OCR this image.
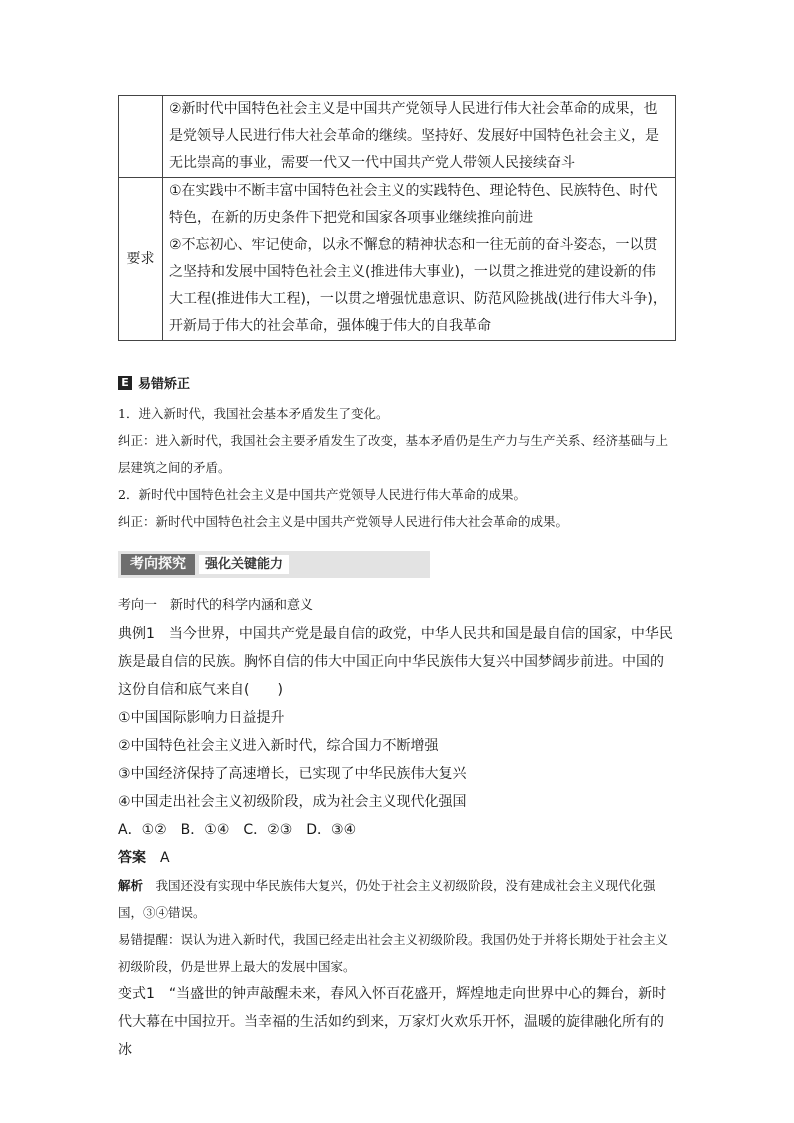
	②新时代中国特色社会主义是中国共产党领导人民进行伟大社会革命的成果，也是党领导人民进行伟大社会革命的继续。坚持好、发展好中国特色社会主义，是无比崇高的事业，需要一代又一代中国共产党人带领人民接续奋斗

要求	①在实践中不断丰富中国特色社会主义的实践特色、理论特色、民族特色、时代特色，在新的历史条件下把党和国家各项事业继续推向前进

②不忘初心、牢记使命，以永不懈怠的精神状态和一往无前的奋斗姿态，一以贯之坚持和发展中国特色社会主义(推进伟大事业)，一以贯之推进党的建设新的伟大工程(推进伟大工程)，一以贯之增强忧患意识、防范风险挑战(进行伟大斗争)，开新局于伟大的社会革命，强体魄于伟大的自我革命

E 易错矫正

1．进入新时代，我国社会基本矛盾发生了变化。

纠正：进入新时代，我国社会主要矛盾发生了改变，基本矛盾仍是生产力与生产关系、经济基础与上层建筑之间的矛盾。

2．新时代中国特色社会主义是中国共产党领导人民进行伟大革命的成果。

纠正：新时代中国特色社会主义是中国共产党领导人民进行伟大社会革命的成果。

考向探究	强化关键能力

考向一　新时代的科学内涵和意义

典例1　当今世界，中国共产党是最自信的政党，中华人民共和国是最自信的国家，中华民族是最自信的民族。胸怀自信的伟大中国正向中华民族伟大复兴中国梦阔步前进。中国的这份自信和底气来自(　　)

①中国国际影响力日益提升

②中国特色社会主义进入新时代，综合国力不断增强

③中国经济保持了高速增长，已实现了中华民族伟大复兴

④中国走出社会主义初级阶段，成为社会主义现代化强国

A．①②　B．①④　C．②③　D．③④

答案　A

解析　我国还没有实现中华民族伟大复兴，仍处于社会主义初级阶段，没有建成社会主义现代化强国，③④错误。

易错提醒：误认为进入新时代，我国已经走出社会主义初级阶段。我国仍处于并将长期处于社会主义初级阶段，仍是世界上最大的发展中国家。

变式1　“当盛世的钟声敲醒未来，春风入怀百花盛开，辉煌地走向世界中心的舞台，新时代大幕在中国拉开。当幸福的生活如约到来，万家灯火欢乐开怀，温暖的旋律融化所有的冰
